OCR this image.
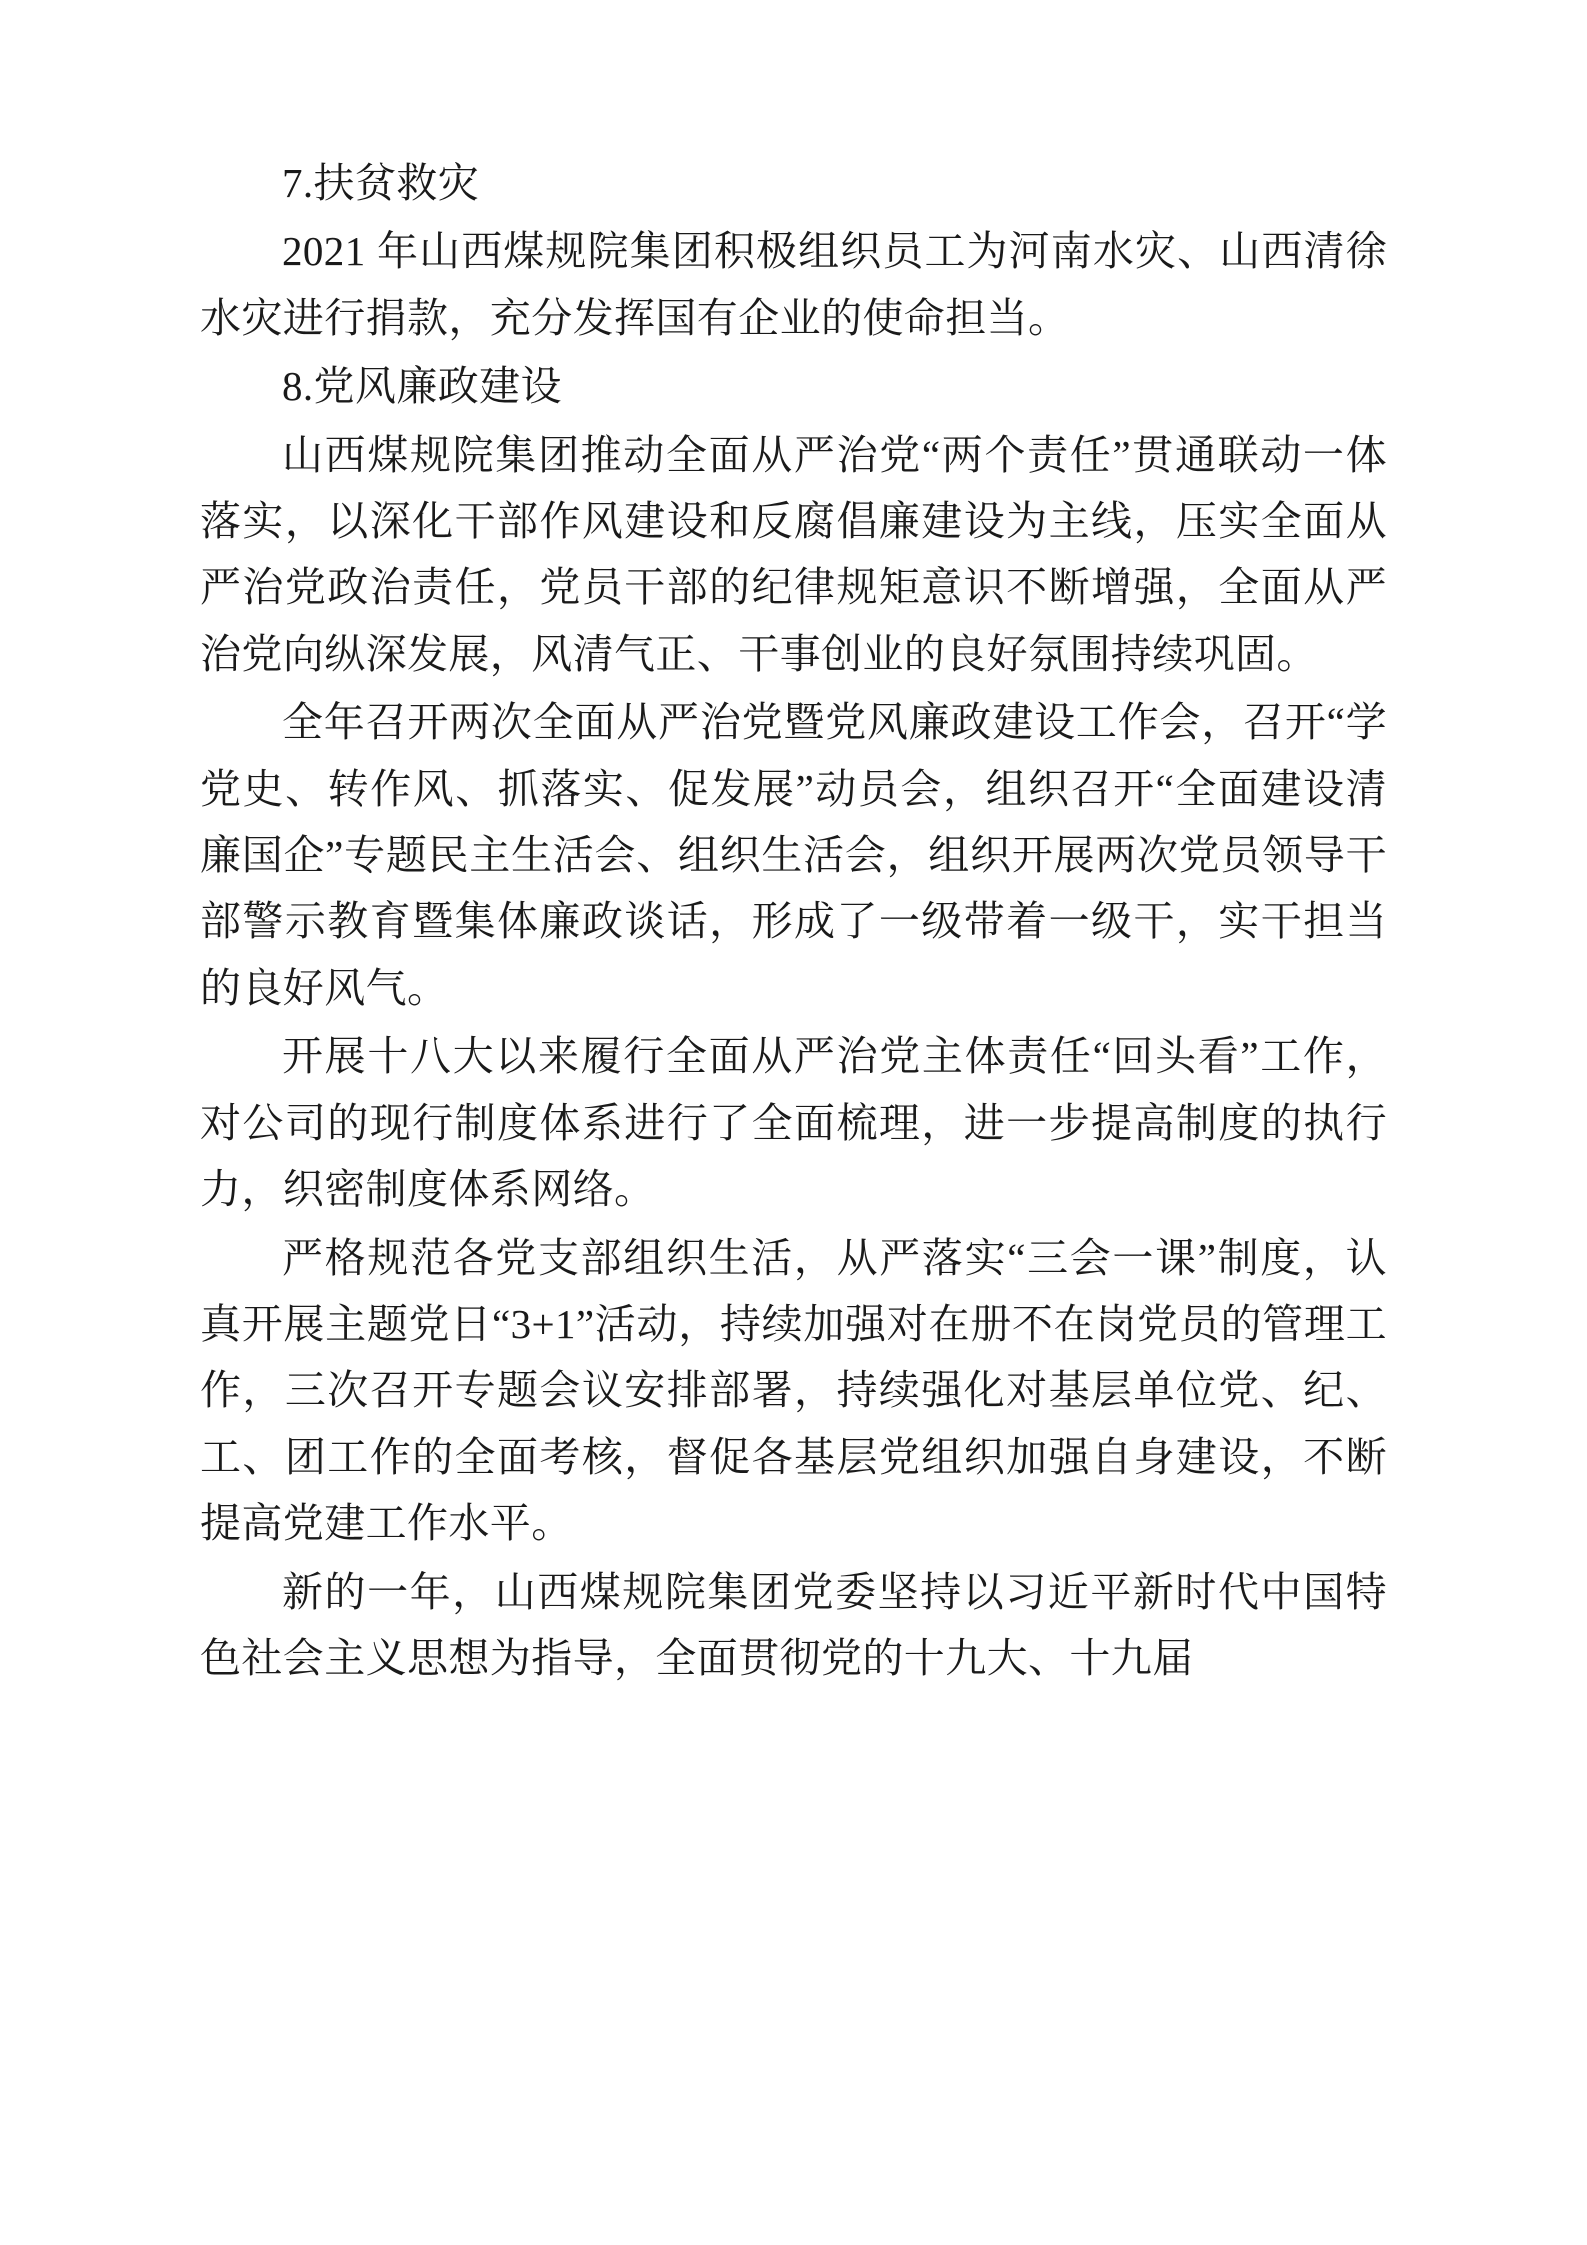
7.扶贫救灾

2021 年山西煤规院集团积极组织员工为河南水灾、山西清徐水灾进行捐款，充分发挥国有企业的使命担当。

8.党风廉政建设

山西煤规院集团推动全面从严治党“两个责任”贯通联动一体落实，以深化干部作风建设和反腐倡廉建设为主线，压实全面从严治党政治责任，党员干部的纪律规矩意识不断增强，全面从严治党向纵深发展，风清气正、干事创业的良好氛围持续巩固。

全年召开两次全面从严治党暨党风廉政建设工作会，召开“学党史、转作风、抓落实、促发展”动员会，组织召开“全面建设清廉国企”专题民主生活会、组织生活会，组织开展两次党员领导干部警示教育暨集体廉政谈话，形成了一级带着一级干，实干担当的良好风气。

开展十八大以来履行全面从严治党主体责任“回头看”工作，对公司的现行制度体系进行了全面梳理，进一步提高制度的执行力，织密制度体系网络。

严格规范各党支部组织生活，从严落实“三会一课”制度，认真开展主题党日“3+1”活动，持续加强对在册不在岗党员的管理工作，三次召开专题会议安排部署，持续强化对基层单位党、纪、工、团工作的全面考核，督促各基层党组织加强自身建设，不断提高党建工作水平。

新的一年，山西煤规院集团党委坚持以习近平新时代中国特色社会主义思想为指导，全面贯彻党的十九大、十九届
